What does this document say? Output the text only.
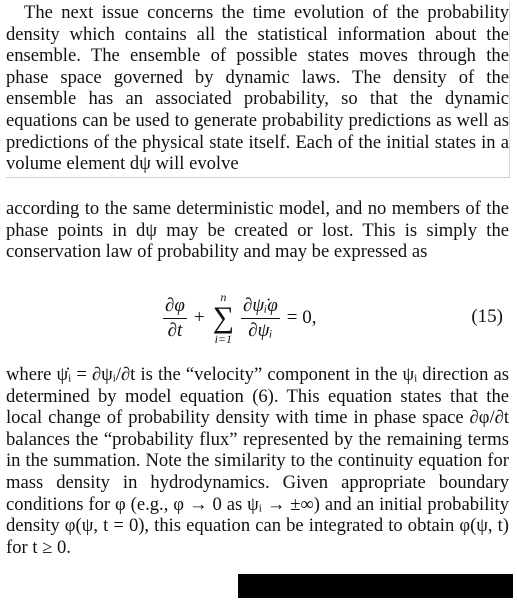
The next issue concerns the time evolution of the probability density which contains all the statistical information about the ensemble. The ensemble of possible states moves through the phase space governed by dynamic laws. The density of the ensemble has an associated probability, so that the dynamic equations can be used to generate probability predictions as well as predictions of the physical state itself. Each of the initial states in a volume element dψ will evolve

according to the same deterministic model, and no members of the phase points in dψ may be created or lost. This is simply the conservation law of probability and may be expressed as

$\frac{\partial\varphi}{\partial t}$ +
n
∑
$i=1 \frac{\text{∂ψ̇ᵢφ}}{\text{∂ψᵢ}} = 0$,	(15)

where ψ̇ᵢ = ∂ψᵢ/∂t is the “velocity” component in the ψᵢ direction as determined by model equation (6). This equation states that the local change of probability density with time in phase space ∂φ/∂t balances the “probability flux” represented by the remaining terms in the summation. Note the similarity to the continuity equation for mass density in hydrodynamics. Given appropriate boundary conditions for φ (e.g., φ → 0 as ψᵢ → ±∞) and an initial probability density φ(ψ, t = 0), this equation can be integrated to obtain φ(ψ, t) for t ≥ 0.
